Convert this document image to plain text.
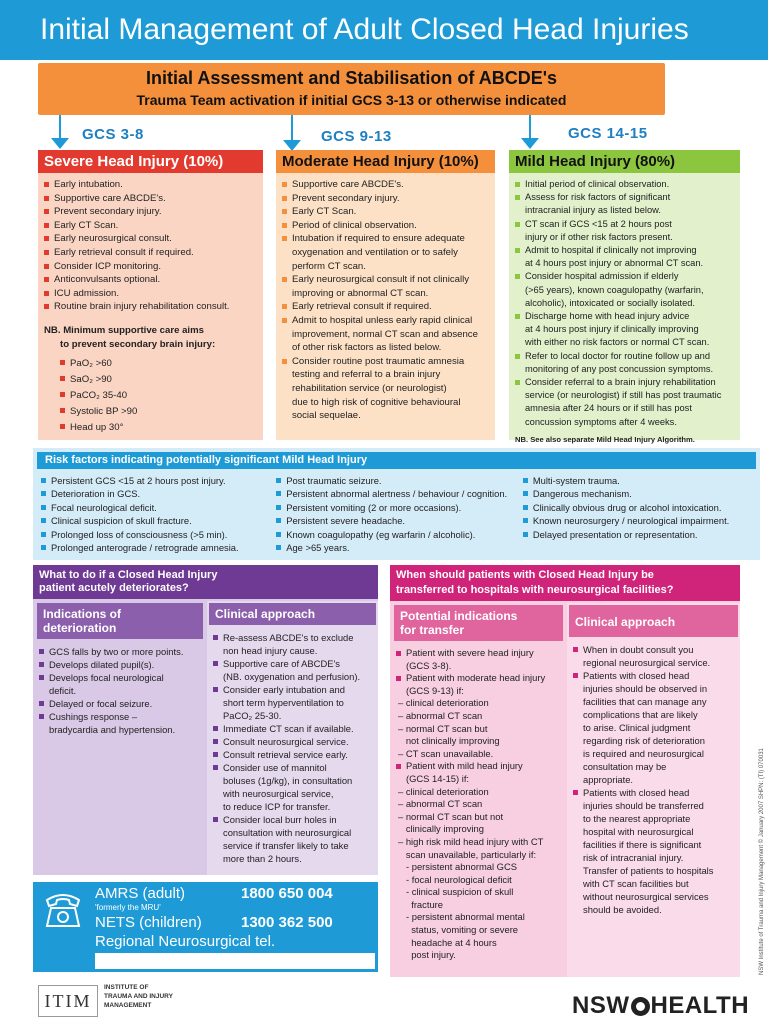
Initial Management of Adult Closed Head Injuries
Initial Assessment and Stabilisation of ABCDE's
Trauma Team activation if initial GCS 3-13 or otherwise indicated
GCS 3-8	GCS 9-13	GCS 14-15
Severe Head Injury (10%)
Early intubation.
Supportive care ABCDE's.
Prevent secondary injury.
Early CT Scan.
Early neurosurgical consult.
Early retrieval consult if required.
Consider ICP monitoring.
Anticonvulsants optional.
ICU admission.
Routine brain injury rehabilitation consult.
NB. Minimum supportive care aims
to prevent secondary brain injury:
PaO₂ >60
SaO₂ >90
PaCO₂ 35-40
Systolic BP >90
Head up 30°
Moderate Head Injury (10%)
Supportive care ABCDE's.
Prevent secondary injury.
Early CT Scan.
Period of clinical observation.
Intubation if required to ensure adequate
oxygenation and ventilation or to safely
perform CT scan.
Early neurosurgical consult if not clinically
improving or abnormal CT scan.
Early retrieval consult if required.
Admit to hospital unless early rapid clinical
improvement, normal CT scan and absence
of other risk factors as listed below.
Consider routine post traumatic amnesia
testing and referral to a brain injury
rehabilitation service (or neurologist)
due to high risk of cognitive behavioural
social sequelae.
Mild Head Injury (80%)
Initial period of clinical observation.
Assess for risk factors of significant
intracranial injury as listed below.
CT scan if GCS <15 at 2 hours post
injury or if other risk factors present.
Admit to hospital if clinically not improving
at 4 hours post injury or abnormal CT scan.
Consider hospital admission if elderly
(>65 years), known coagulopathy (warfarin,
alcoholic), intoxicated or socially isolated.
Discharge home with head injury advice
at 4 hours post injury if clinically improving
with either no risk factors or normal CT scan.
Refer to local doctor for routine follow up and
monitoring of any post concussion symptoms.
Consider referral to a brain injury rehabilitation
service (or neurologist) if still has post traumatic
amnesia after 24 hours or if still has post
concussion symptoms after 4 weeks.
NB. See also separate Mild Head Injury Algorithm.
Risk factors indicating potentially significant Mild Head Injury
Persistent GCS <15 at 2 hours post injury.
Deterioration in GCS.
Focal neurological deficit.
Clinical suspicion of skull fracture.
Prolonged loss of consciousness (>5 min).
Prolonged anterograde / retrograde amnesia.
Post traumatic seizure.
Persistent abnormal alertness / behaviour / cognition.
Persistent vomiting (2 or more occasions).
Persistent severe headache.
Known coagulopathy (eg warfarin / alcoholic).
Age >65 years.
Multi-system trauma.
Dangerous mechanism.
Clinically obvious drug or alcohol intoxication.
Known neurosurgery / neurological impairment.
Delayed presentation or representation.
What to do if a Closed Head Injury
patient acutely deteriorates?
Indications of deterioration
GCS falls by two or more points.
Develops dilated pupil(s).
Develops focal neurological
deficit.
Delayed or focal seizure.
Cushings response –
bradycardia and hypertension.
Clinical approach
Re-assess ABCDE's to exclude
non head injury cause.
Supportive care of ABCDE's
(NB. oxygenation and perfusion).
Consider early intubation and
short term hyperventilation to
PaCO₂ 25-30.
Immediate CT scan if available.
Consult neurosurgical service.
Consult retrieval service early.
Consider use of mannitol
boluses (1g/kg), in consultation
with neurosurgical service,
to reduce ICP for transfer.
Consider local burr holes in
consultation with neurosurgical
service if transfer likely to take
more than 2 hours.
When should patients with Closed Head Injury be
transferred to hospitals with neurosurgical facilities?
Potential indications
for transfer
Patient with severe head injury
(GCS 3-8).
Patient with moderate head injury
(GCS 9-13) if:
– clinical deterioration
– abnormal CT scan
– normal CT scan but
not clinically improving
– CT scan unavailable.
Patient with mild head injury
(GCS 14-15) if:
– clinical deterioration
– abnormal CT scan
– normal CT scan but not
clinically improving
– high risk mild head injury with CT
scan unavailable, particularly if:
- persistent abnormal GCS
- focal neurological deficit
- clinical suspicion of skull
fracture
- persistent abnormal mental
status, vomiting or severe
headache at 4 hours
post injury.
Clinical approach
When in doubt consult you
regional neurosurgical service.
Patients with closed head
injuries should be observed in
facilities that can manage any
complications that are likely
to arise. Clinical judgment
regarding risk of deterioration
is required and neurosurgical
consultation may be
appropriate.
Patients with closed head
injuries should be transferred
to the nearest appropriate
hospital with neurosurgical
facilities if there is significant
risk of intracranial injury.
Transfer of patients to hospitals
with CT scan facilities but
without neurosurgical services
should be avoided.
AMRS (adult)	1800 650 004
'formerly the MRU'
NETS (children)	1300 362 500
Regional Neurosurgical tel.
ITIM
INSTITUTE OF
TRAUMA AND INJURY
MANAGEMENT	NSW HEALTH
NSW Institute of Trauma and Injury Management © January 2007 SHPN: (TI) 070031
